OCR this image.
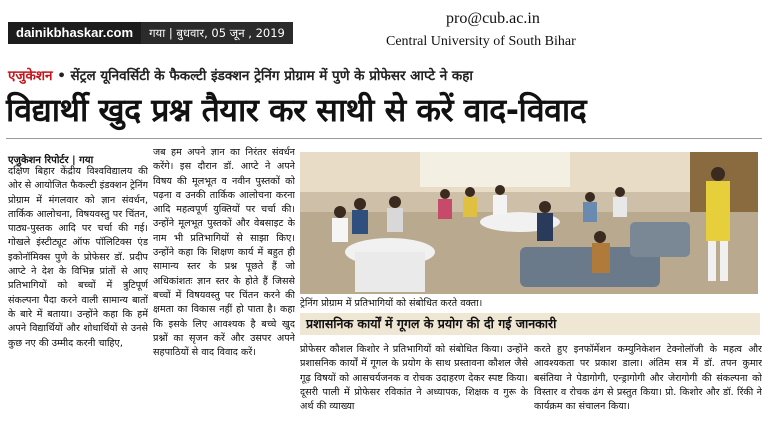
dainikbhaskar.com	गया | बुधवार, 05 जून , 2019
pro@cub.ac.in
Central University of South Bihar
एजुकेशन • सेंट्रल यूनिवर्सिटी के फैकल्टी इंडक्शन ट्रेनिंग प्रोग्राम में पुणे के प्रोफेसर आप्टे ने कहा
विद्यार्थी खुद प्रश्न तैयार कर साथी से करें वाद-विवाद
एजुकेशन रिपोर्टर | गया
दक्षिण बिहार केंद्रीय विश्वविद्यालय की ओर से आयोजित फैकल्टी इंडक्शन ट्रेनिंग प्रोग्राम में मंगलवार को ज्ञान संवर्धन, तार्किक आलोचना, विषयवस्तु पर चिंतन, पाठ्य-पुस्तक आदि पर चर्चा की गई। गोखले इंस्टीट्यूट ऑफ पॉलिटिक्स एंड इकोनॉमिक्स पुणे के प्रोफेसर डॉ. प्रदीप आप्टे ने देश के विभिन्न प्रांतों से आए प्रतिभागियों को बच्चों में त्रुटिपूर्ण संकल्पना पैदा करने वाली सामान्य बातों के बारे में बताया। उन्होंने कहा कि हमें अपने विद्यार्थियों और शोधार्थियों से उनसे कुछ नए की उम्मीद करनी चाहिए,
जब हम अपने ज्ञान का निरंतर संवर्धन करेंगे। इस दौरान डॉ. आप्टे ने अपने विषय की मूलभूत व नवीन पुस्तकों को पढ़ना व उनकी तार्किक आलोचना करना आदि महत्वपूर्ण युक्तियों पर चर्चा की। उन्होंने मूलभूत पुस्तकों और वेबसाइट के नाम भी प्रतिभागियों से साझा किए। उन्होंने कहा कि शिक्षण कार्य में बहुत ही सामान्य स्तर के प्रश्न पूछते हैं जो अधिकांशतः ज्ञान स्तर के होते हैं जिससे बच्चों में विषयवस्तु पर चिंतन करने की क्षमता का विकास नहीं हो पाता है। कहा कि इसके लिए आवश्यक है बच्चे खुद प्रश्नों का सृजन करें और उसपर अपने सहपाठियों से वाद विवाद करें।
ट्रेनिंग प्रोग्राम में प्रतिभागियों को संबोधित करते वक्ता।
प्रशासनिक कार्यों में गूगल के प्रयोग की दी गई जानकारी
प्रोफेसर कौशल किशोर ने प्रतिभागियों को संबोधित किया। उन्होंने प्रशासनिक कार्यों में गूगल के प्रयोग के साथ प्रस्तावना कौशल जैसे गूढ़ विषयों को आसचर्यजनक व रोचक उदाहरण देकर स्पष्ट किया। दूसरी पाली में प्रोफेसर रविकांत ने अध्यापक, शिक्षक व गुरू के अर्थ की व्याख्या
करते हुए इनफॉर्मेशन कम्युनिकेशन टेक्नोलॉजी के महत्व और आवश्यकता पर प्रकाश डाला। अंतिम सत्र में डॉ. तपन कुमार बसंतिया ने पेडागोगी, एन्ड्रागोगी और जेरागोगी की संकल्पना को विस्तार व रोचक ढंग से प्रस्तुत किया। प्रो. किशोर और डॉ. रिंकी ने कार्यक्रम का संचालन किया।
